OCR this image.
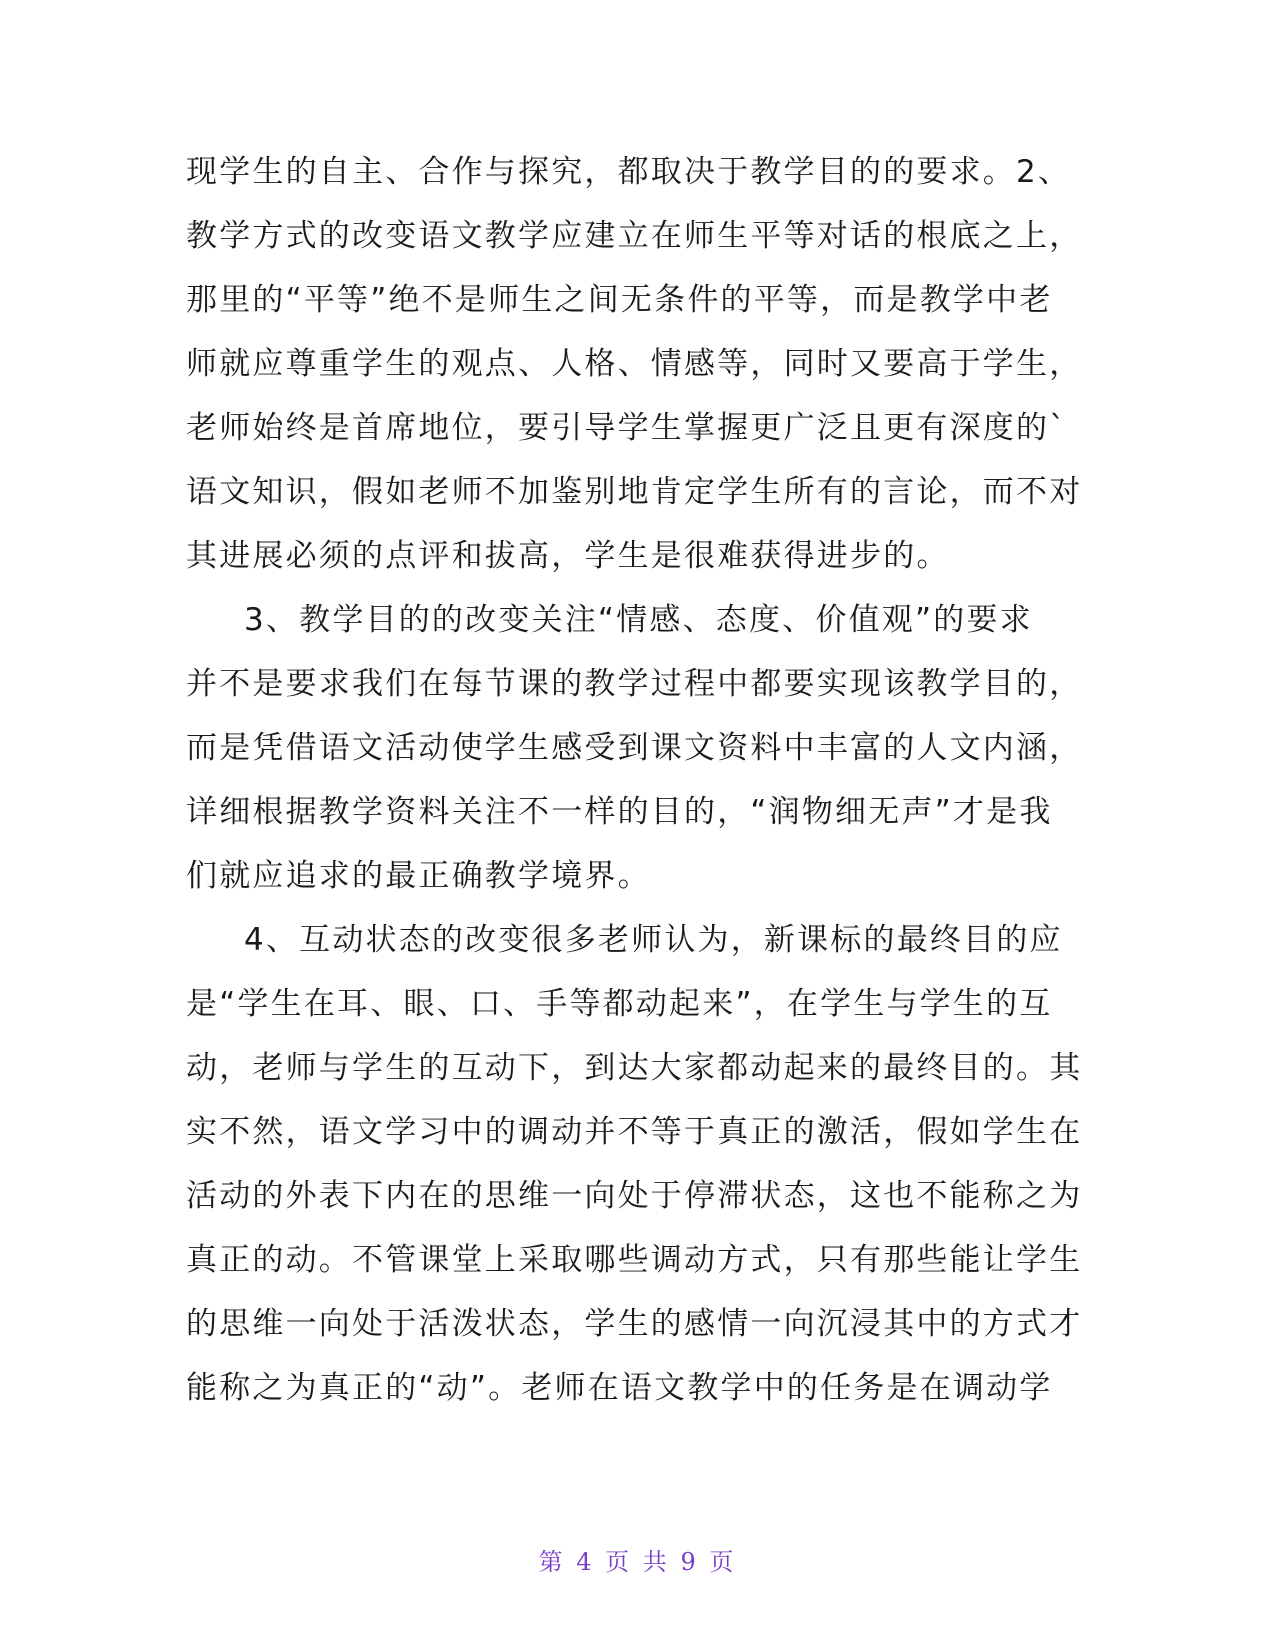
现学生的自主、合作与探究，都取决于教学目的的要求。2、
教学方式的改变语文教学应建立在师生平等对话的根底之上，
那里的“平等”绝不是师生之间无条件的平等，而是教学中老
师就应尊重学生的观点、人格、情感等，同时又要高于学生，
老师始终是首席地位，要引导学生掌握更广泛且更有深度的`
语文知识，假如老师不加鉴别地肯定学生所有的言论，而不对
其进展必须的点评和拔高，学生是很难获得进步的。
3、教学目的的改变关注“情感、态度、价值观”的要求
并不是要求我们在每节课的教学过程中都要实现该教学目的，
而是凭借语文活动使学生感受到课文资料中丰富的人文内涵，
详细根据教学资料关注不一样的目的，“润物细无声”才是我
们就应追求的最正确教学境界。
4、互动状态的改变很多老师认为，新课标的最终目的应
是“学生在耳、眼、口、手等都动起来”，在学生与学生的互
动，老师与学生的互动下，到达大家都动起来的最终目的。其
实不然，语文学习中的调动并不等于真正的激活，假如学生在
活动的外表下内在的思维一向处于停滞状态，这也不能称之为
真正的动。不管课堂上采取哪些调动方式，只有那些能让学生
的思维一向处于活泼状态，学生的感情一向沉浸其中的方式才
能称之为真正的“动”。老师在语文教学中的任务是在调动学
第 4 页 共 9 页
